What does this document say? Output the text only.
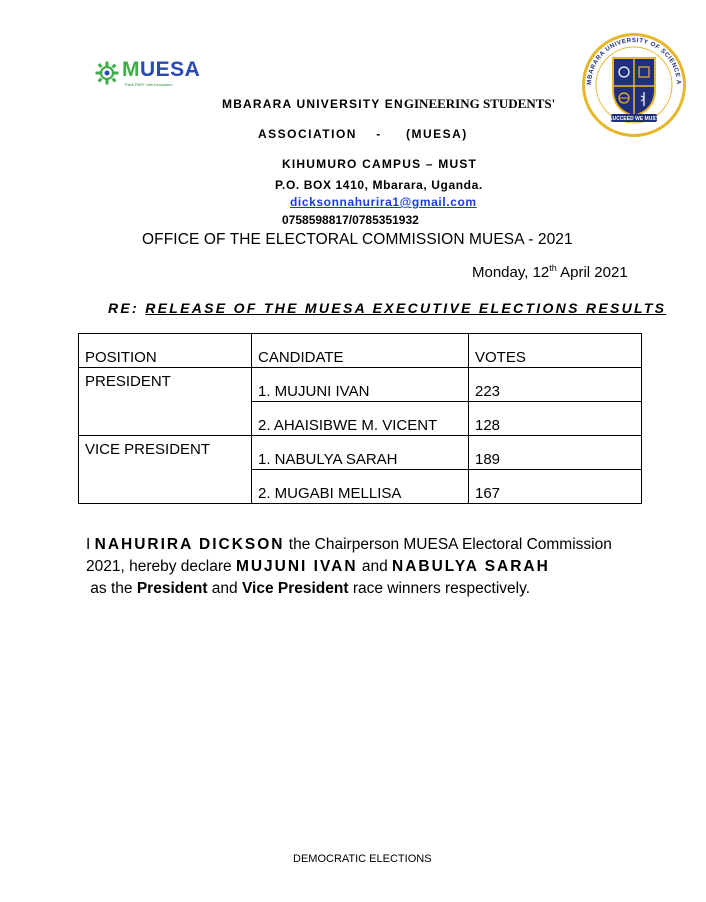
MUESA
Think PAST with innovation	MBARARA UNIVERSITY OF SCIENCE A
SUCCEED WE MUST
MBARARA UNIVERSITY ENGINEERING STUDENTS'
ASSOCIATION    -     (MUESA)
KIHUMURO CAMPUS – MUST
P.O. BOX 1410, Mbarara, Uganda.
dicksonnahurira1@gmail.com
0758598817/0785351932
OFFICE OF THE ELECTORAL COMMISSION MUESA - 2021
Monday, 12th April 2021
RE: RELEASE OF THE MUESA EXECUTIVE ELECTIONS RESULTS
POSITION	CANDIDATE	VOTES
PRESIDENT	1. MUJUNI IVAN	223
	2. AHAISIBWE M. VICENT	128
VICE PRESIDENT	1. NABULYA SARAH	189
	2. MUGABI MELLISA	167
I NAHURIRA DICKSON the Chairperson MUESA Electoral Commission 2021, hereby declare MUJUNI IVAN and NABULYA SARAH as the President and Vice President race winners respectively.
DEMOCRATIC ELECTIONS
